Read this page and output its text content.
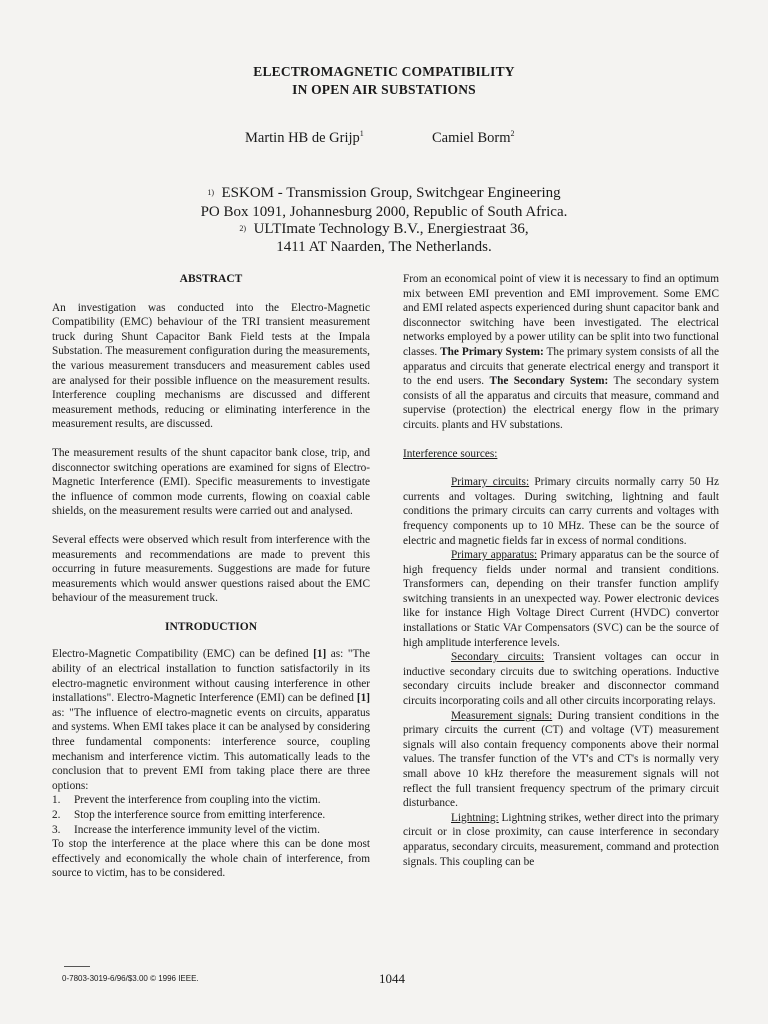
ELECTROMAGNETIC COMPATIBILITY
IN OPEN AIR SUBSTATIONS
Martin HB de Grijp$^1$	Camiel Borm$^2$
$^{1)}$ ESKOM - Transmission Group, Switchgear Engineering
PO Box 1091, Johannesburg 2000, Republic of South Africa.
$^{2)}$ ULTImate Technology B.V., Energiestraat 36,
1411 AT Naarden, The Netherlands.
ABSTRACT

An investigation was conducted into the Electro-Magnetic Compatibility (EMC) behaviour of the TRI transient measurement truck during Shunt Capacitor Bank Field tests at the Impala Substation. The measurement configuration during the measurements, the various measurement transducers and measurement cables used are analysed for their possible influence on the measurement results. Interference coupling mechanisms are discussed and different measurement methods, reducing or eliminating interference in the measurement results, are discussed.

The measurement results of the shunt capacitor bank close, trip, and disconnector switching operations are examined for signs of Electro-Magnetic Interference (EMI). Specific measurements to investigate the influence of common mode currents, flowing on coaxial cable shields, on the measurement results were carried out and analysed.

Several effects were observed which result from interference with the measurements and recommendations are made to prevent this occurring in future measurements. Suggestions are made for future measurements which would answer questions raised about the EMC behaviour of the measurement truck.

INTRODUCTION

Electro-Magnetic Compatibility (EMC) can be defined [1] as: "The ability of an electrical installation to function satisfactorily in its electro-magnetic environment without causing interference in other installations". Electro-Magnetic Interference (EMI) can be defined [1] as: "The influence of electro-magnetic events on circuits, apparatus and systems. When EMI takes place it can be analysed by considering three fundamental components: interference source, coupling mechanism and interference victim. This automatically leads to the conclusion that to prevent EMI from taking place there are three options:

1.	Prevent the interference from coupling into the victim.
2.	Stop the interference source from emitting interference.
3.	Increase the interference immunity level of the victim.

To stop the interference at the place where this can be done most effectively and economically the whole chain of interference, from source to victim, has to be considered.

From an economical point of view it is necessary to find an optimum mix between EMI prevention and EMI improvement. Some EMC and EMI related aspects experienced during shunt capacitor bank and disconnector switching have been investigated. The electrical networks employed by a power utility can be split into two functional classes. The Primary System: The primary system consists of all the apparatus and circuits that generate electrical energy and transport it to the end users. The Secondary System: The secondary system consists of all the apparatus and circuits that measure, command and supervise (protection) the electrical energy flow in the primary circuits. plants and HV substations.

Interference sources:

Primary circuits: Primary circuits normally carry 50 Hz currents and voltages. During switching, lightning and fault conditions the primary circuits can carry currents and voltages with frequency components up to 10 MHz. These can be the source of electric and magnetic fields far in excess of normal conditions.

Primary apparatus: Primary apparatus can be the source of high frequency fields under normal and transient conditions. Transformers can, depending on their transfer function amplify switching transients in an unexpected way. Power electronic devices like for instance High Voltage Direct Current (HVDC) convertor installations or Static VAr Compensators (SVC) can be the source of high amplitude interference levels.

Secondary circuits: Transient voltages can occur in inductive secondary circuits due to switching operations. Inductive secondary circuits include breaker and disconnector command circuits incorporating coils and all other circuits incorporating relays.

Measurement signals: During transient conditions in the primary circuits the current (CT) and voltage (VT) measurement signals will also contain frequency components above their normal values. The transfer function of the VT's and CT's is normally very small above 10 kHz therefore the measurement signals will not reflect the full transient frequency spectrum of the primary circuit disturbance.

Lightning: Lightning strikes, wether direct into the primary circuit or in close proximity, can cause interference in secondary apparatus, secondary circuits, measurement, command and protection signals. This coupling can be

0-7803-3019-6/96/$3.00 © 1996 IEEE.	1044
